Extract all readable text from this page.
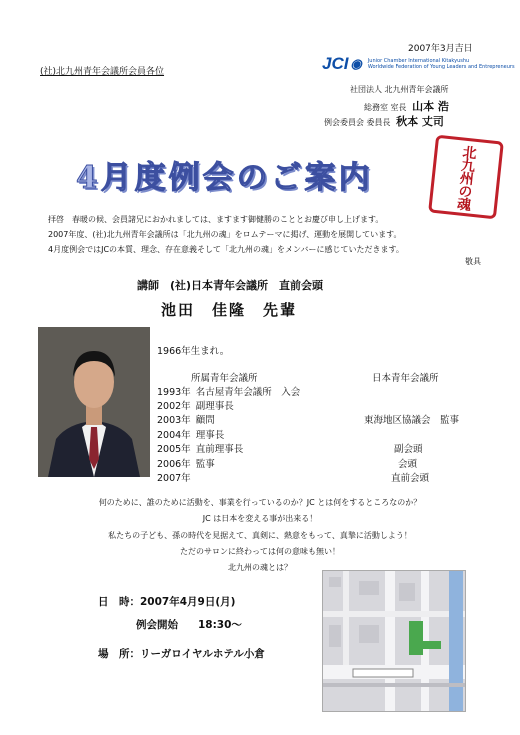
2007年3月吉日
(社)北九州青年会議所会員各位	JCI ◉ Junior Chamber International Kitakyushu
Worldwide Federation of Young Leaders and Entrepreneurs
社団法人 北九州青年会議所
総務室 室長 山本 浩
例会委員会 委員長 秋本 丈司
4月度例会のご案内	北九州の魂
拝啓　春暖の候、会員諸兄におかれましては、ますます御健勝のこととお慶び申し上げます。
2007年度、(社)北九州青年会議所は「北九州の魂」をロムテーマに掲げ、運動を展開しています。
4月度例会ではJCの本質、理念、存在意義そして「北九州の魂」をメンバーに感じていただきます。
敬具
講師　(社)日本青年会議所　直前会頭
池田　佳隆　先輩
1966年生まれ。
所属青年会議所	日本青年会議所
1993年 名古屋青年会議所　入会
2002年 副理事長
2003年 顧問	東海地区協議会　監事
2004年 理事長
2005年 直前理事長	副会頭
2006年 監事	会頭
2007年	直前会頭
何のために、誰のために活動を、事業を行っているのか？JC とは何をするところなのか？
JC は日本を変える事が出来る！
私たちの子ども、孫の時代を見据えて、真剣に、熱意をもって、真摯に活動しよう！
ただのサロンに終わっては何の意味も無い！
北九州の魂とは？
日　時：2007年4月9日(月)
例会開始 18:30〜
場　所：リーガロイヤルホテル小倉
